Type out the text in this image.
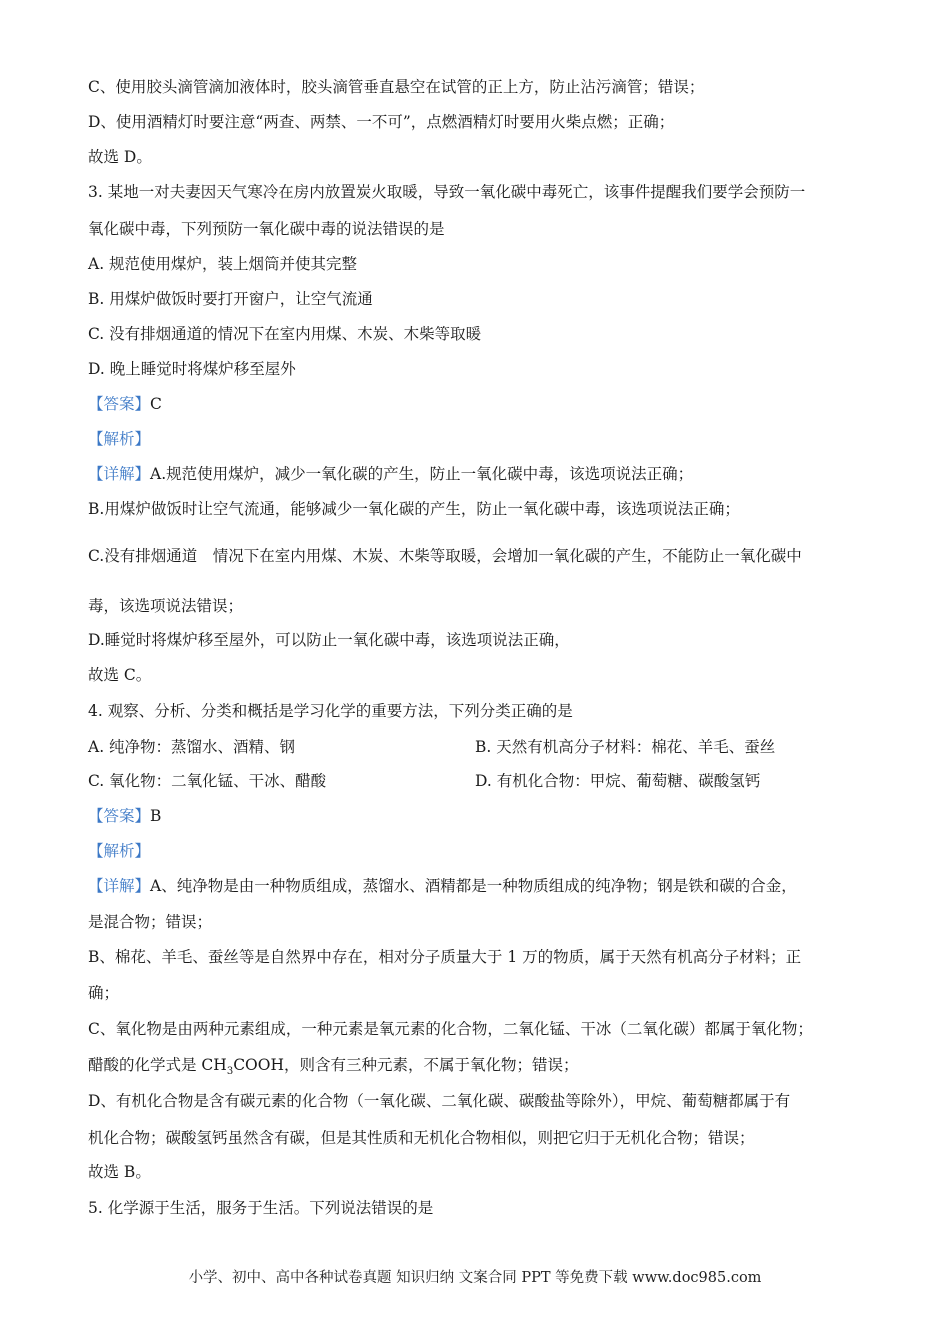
C、使用胶头滴管滴加液体时，胶头滴管垂直悬空在试管的正上方，防止沾污滴管；错误；
D、使用酒精灯时要注意“两查、两禁、一不可”，点燃酒精灯时要用火柴点燃；正确；
故选 D。
3. 某地一对夫妻因天气寒冷在房内放置炭火取暖，导致一氧化碳中毒死亡，该事件提醒我们要学会预防一
氧化碳中毒，下列预防一氧化碳中毒的说法错误的是
A. 规范使用煤炉，装上烟筒并使其完整
B. 用煤炉做饭时要打开窗户，让空气流通
C. 没有排烟通道的情况下在室内用煤、木炭、木柴等取暖
D. 晚上睡觉时将煤炉移至屋外
【答案】C
【解析】
【详解】A.规范使用煤炉，减少一氧化碳的产生，防止一氧化碳中毒，该选项说法正确；
B.用煤炉做饭时让空气流通，能够减少一氧化碳的产生，防止一氧化碳中毒，该选项说法正确；
C.没有排烟通道　情况下在室内用煤、木炭、木柴等取暖，会增加一氧化碳的产生，不能防止一氧化碳中
毒，该选项说法错误；
D.睡觉时将煤炉移至屋外，可以防止一氧化碳中毒，该选项说法正确，
故选 C。
4. 观察、分析、分类和概括是学习化学的重要方法，下列分类正确的是
A. 纯净物：蒸馏水、酒精、钢	B. 天然有机高分子材料：棉花、羊毛、蚕丝
C. 氧化物：二氧化锰、干冰、醋酸	D. 有机化合物：甲烷、葡萄糖、碳酸氢钙
【答案】B
【解析】
【详解】A、纯净物是由一种物质组成，蒸馏水、酒精都是一种物质组成的纯净物；钢是铁和碳的合金，
是混合物；错误；
B、棉花、羊毛、蚕丝等是自然界中存在，相对分子质量大于 1 万的物质，属于天然有机高分子材料；正
确；
C、氧化物是由两种元素组成，一种元素是氧元素的化合物，二氧化锰、干冰（二氧化碳）都属于氧化物；
醋酸的化学式是 $CH_3COOH$，则含有三种元素，不属于氧化物；错误；
D、有机化合物是含有碳元素的化合物（一氧化碳、二氧化碳、碳酸盐等除外），甲烷、葡萄糖都属于有
机化合物；碳酸氢钙虽然含有碳，但是其性质和无机化合物相似，则把它归于无机化合物；错误；
故选 B。
5. 化学源于生活，服务于生活。下列说法错误的是
小学、初中、高中各种试卷真题 知识归纳 文案合同 PPT 等免费下载 www.doc985.com
